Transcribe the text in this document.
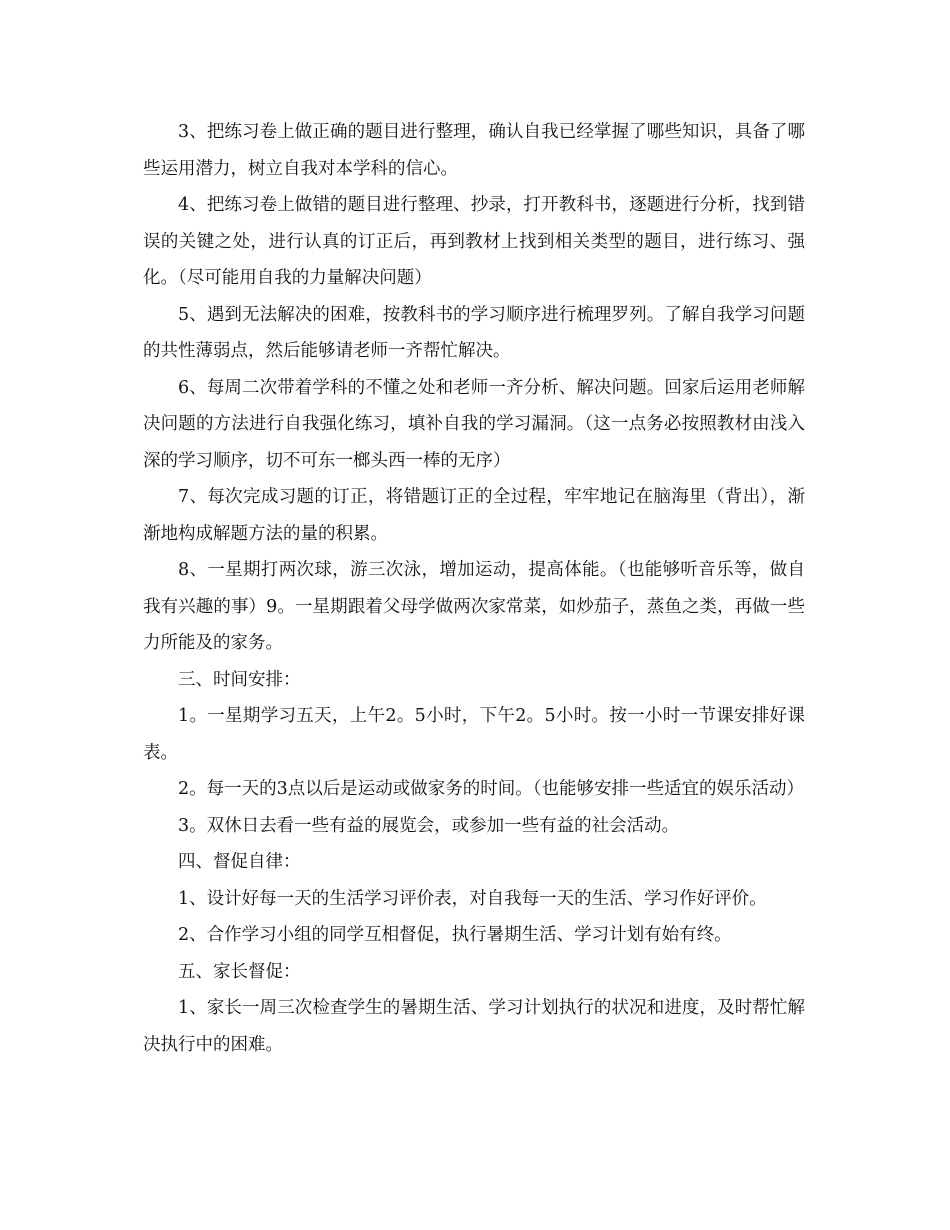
3、把练习卷上做正确的题目进行整理，确认自我已经掌握了哪些知识，具备了哪些运用潜力，树立自我对本学科的信心。

4、把练习卷上做错的题目进行整理、抄录，打开教科书，逐题进行分析，找到错误的关键之处，进行认真的订正后，再到教材上找到相关类型的题目，进行练习、强化。（尽可能用自我的力量解决问题）

5、遇到无法解决的困难，按教科书的学习顺序进行梳理罗列。了解自我学习问题的共性薄弱点，然后能够请老师一齐帮忙解决。

6、每周二次带着学科的不懂之处和老师一齐分析、解决问题。回家后运用老师解决问题的方法进行自我强化练习，填补自我的学习漏洞。（这一点务必按照教材由浅入深的学习顺序，切不可东一榔头西一棒的无序）

7、每次完成习题的订正，将错题订正的全过程，牢牢地记在脑海里（背出），渐渐地构成解题方法的量的积累。

8、一星期打两次球，游三次泳，增加运动，提高体能。（也能够听音乐等，做自我有兴趣的事）9。一星期跟着父母学做两次家常菜，如炒茄子，蒸鱼之类，再做一些力所能及的家务。

三、时间安排：

1。一星期学习五天，上午2。5小时，下午2。5小时。按一小时一节课安排好课表。

2。每一天的3点以后是运动或做家务的时间。（也能够安排一些适宜的娱乐活动）

3。双休日去看一些有益的展览会，或参加一些有益的社会活动。

四、督促自律：

1、设计好每一天的生活学习评价表，对自我每一天的生活、学习作好评价。

2、合作学习小组的同学互相督促，执行暑期生活、学习计划有始有终。

五、家长督促：

1、家长一周三次检查学生的暑期生活、学习计划执行的状况和进度，及时帮忙解决执行中的困难。
